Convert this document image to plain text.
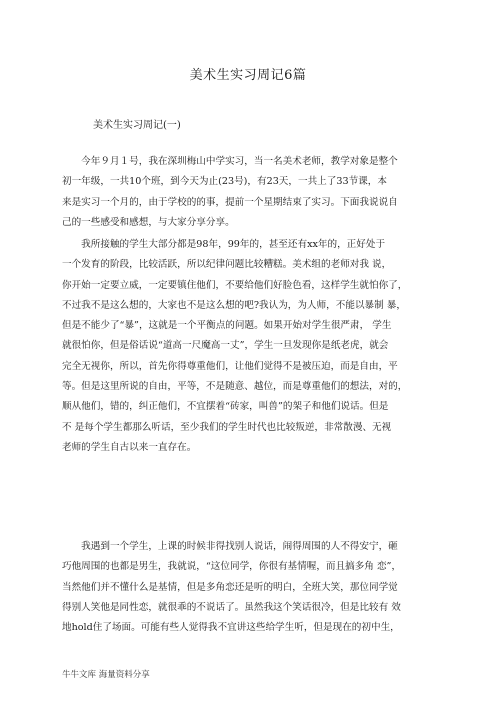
美术生实习周记6篇
美术生实习周记(一)
　　今年９月１号，我在深圳梅山中学实习，当一名美术老师，教学对象是整个
初一年级，一共10个班，到今天为止(23号)，有23天，一共上了33节课，本
来是实习一个月的，由于学校的的事，提前一个星期结束了实习。下面我说说自
己的一些感受和感想，与大家分享分享。
　　我所接触的学生大部分都是98年，99年的，甚至还有xx年的，正好处于
一个发育的阶段，比较活跃，所以纪律问题比较糟糕。美术组的老师对我 说，
你开始一定要立威，一定要镇住他们，不要给他们好脸色看，这样学生就怕你了，
不过我不是这么想的，大家也不是这么想的吧?我认为，为人师，不能以暴制 暴，
但是不能少了“暴”，这就是一个平衡点的问题。如果开始对学生很严肃， 学生
就很怕你，但是俗话说“道高一尺魔高一丈”，学生一旦发现你是纸老虎，就会
完全无视你，所以，首先你得尊重他们，让他们觉得不是被压迫，而是自由，平
等。但是这里所说的自由，平等，不是随意、越位，而是尊重他们的想法，对的，
顺从他们，错的，纠正他们，不宜摆着“砖家，叫兽”的架子和他们说话。但是
不 是每个学生都那么听话，至少我们的学生时代也比较叛逆，非常散漫、无视
老师的学生自古以来一直存在。
　　我遇到一个学生，上课的时候非得找别人说话，闹得周围的人不得安宁，砸
巧他周围的也都是男生，我就说，“这位同学，你很有基情喔，而且搞多角 恋”，
当然他们并不懂什么是基情，但是多角恋还是听的明白，全班大笑，那位同学觉
得别人笑他是同性恋，就很乖的不说话了。虽然我这个笑话很冷，但是比较有 效
地hold住了场面。可能有些人觉得我不宜讲这些给学生听，但是现在的初中生，
牛牛文库 海量资料分享
